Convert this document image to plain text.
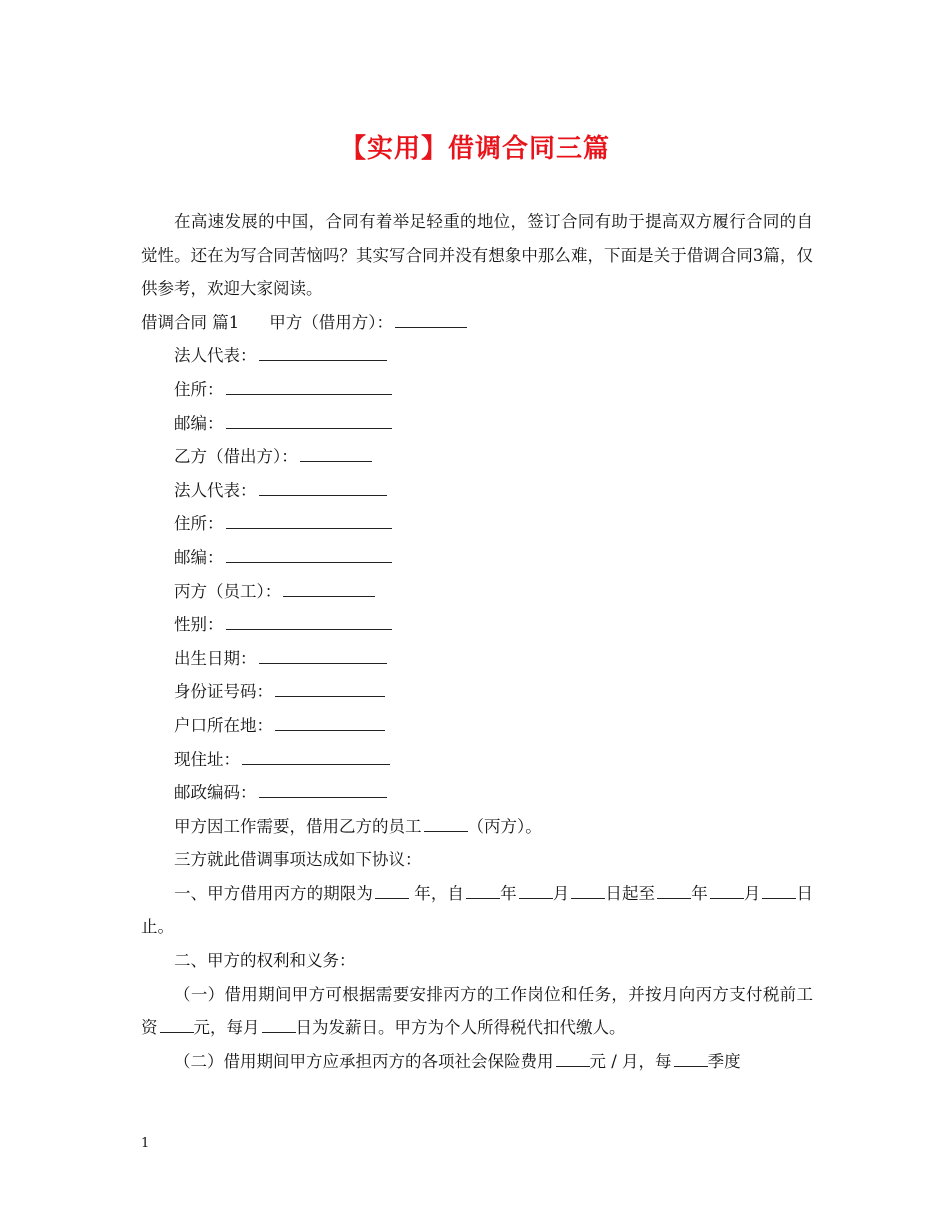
【实用】借调合同三篇

在高速发展的中国，合同有着举足轻重的地位，签订合同有助于提高双方履行合同的自觉性。还在为写合同苦恼吗？其实写合同并没有想象中那么难，下面是关于借调合同3篇，仅供参考，欢迎大家阅读。

借调合同 篇1 甲方（借用方）：

法人代表：

住所：

邮编：

乙方（借出方）：

法人代表：

住所：

邮编：

丙方（员工）：

性别：

出生日期：

身份证号码：

户口所在地：

现住址：

邮政编码：

甲方因工作需要，借用乙方的员工	（丙方）。

三方就此借调事项达成如下协议：

一、甲方借用丙方的期限为	年，自 年 月 日起至 年 月 日止。

二、甲方的权利和义务：

（一）借用期间甲方可根据需要安排丙方的工作岗位和任务，并按月向丙方支付税前工资 元，每月 日为发薪日。甲方为个人所得税代扣代缴人。

（二）借用期间甲方应承担丙方的各项社会保险费用 元 / 月，每 季度

1
